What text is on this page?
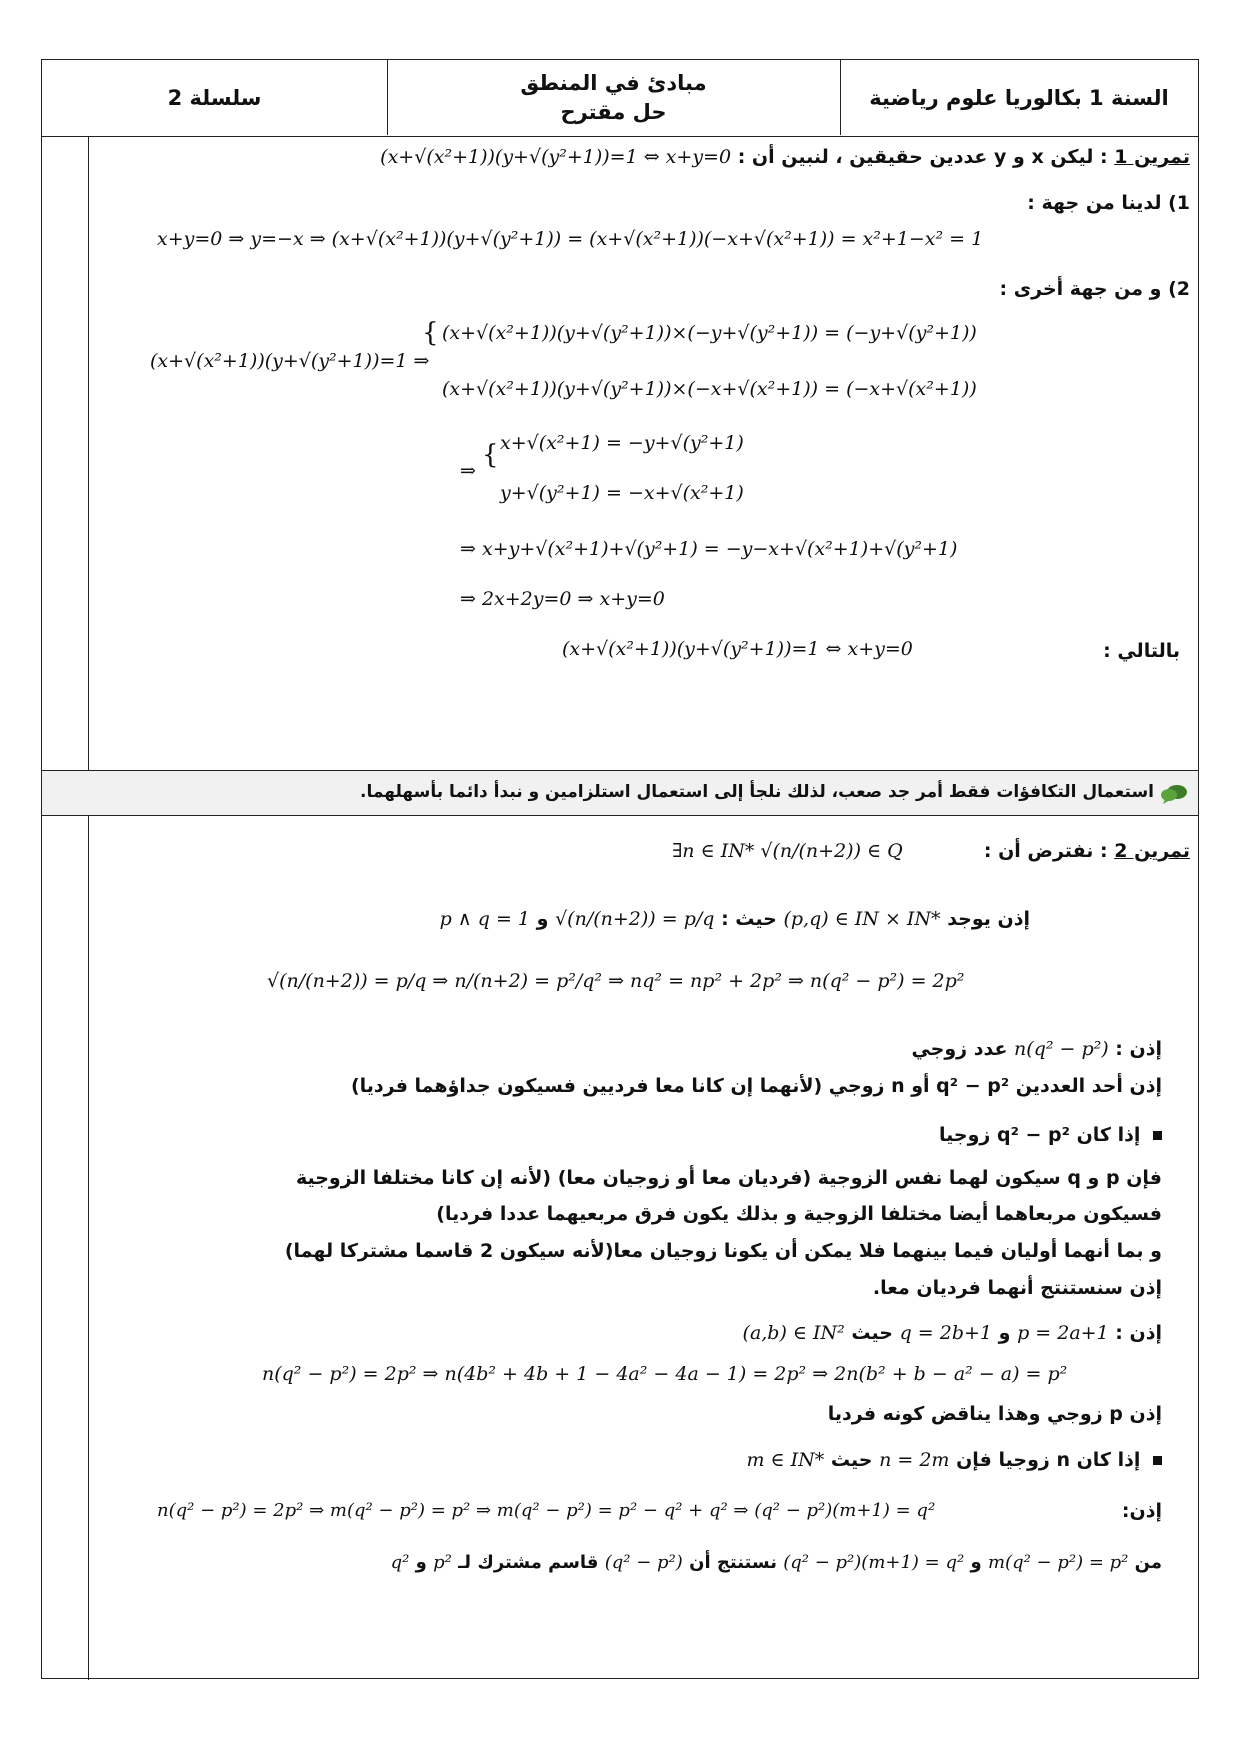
سلسلة 2
مبادئ في المنطق
حل مقترح
السنة 1 بكالوريا علوم رياضية
تمرين 1 : ليكن x و y عددين حقيقين ، لنبين أن : (x+√(x²+1))(y+√(y²+1))=1 ⇔ x+y=0
1) لدينا من جهة :
x+y=0 ⇒ y=−x ⇒ (x+√(x²+1))(y+√(y²+1)) = (x+√(x²+1))(−x+√(x²+1)) = x²+1−x² = 1
2) و من جهة أخرى :
(x+√(x²+1))(y+√(y²+1))=1 ⇒
{ (x+√(x²+1))(y+√(y²+1))×(−y+√(y²+1)) = (−y+√(y²+1))
(x+√(x²+1))(y+√(y²+1))×(−x+√(x²+1)) = (−x+√(x²+1))
⇒
{ x+√(x²+1) = −y+√(y²+1)
y+√(y²+1) = −x+√(x²+1)
⇒ x+y+√(x²+1)+√(y²+1) = −y−x+√(x²+1)+√(y²+1)
⇒ 2x+2y=0 ⇒ x+y=0
بالتالي :
(x+√(x²+1))(y+√(y²+1))=1 ⇔ x+y=0
استعمال التكافؤات فقط أمر جد صعب، لذلك نلجأ إلى استعمال استلزامين و نبدأ دائما بأسهلهما.
تمرين 2 : نفترض أن :
∃n ∈ IN* √(n/(n+2)) ∈ Q
إذن يوجد (p,q) ∈ IN × IN* حيث : √(n/(n+2)) = p/q و p ∧ q = 1
√(n/(n+2)) = p/q ⇒ n/(n+2) = p²/q² ⇒ nq² = np² + 2p² ⇒ n(q² − p²) = 2p²
إذن : n(q² − p²) عدد زوجي
إذن أحد العددين q² − p² أو n زوجي (لأنهما إن كانا معا فرديين فسيكون جداؤهما فرديا)
إذا كان q² − p² زوجيا
فإن p و q سيكون لهما نفس الزوجية (فرديان معا أو زوجيان معا) (لأنه إن كانا مختلفا الزوجية
فسيكون مربعاهما أيضا مختلفا الزوجية و بذلك يكون فرق مربعيهما عددا فرديا)
و بما أنهما أوليان فيما بينهما فلا يمكن أن يكونا زوجيان معا(لأنه سيكون 2 قاسما مشتركا لهما)
إذن سنستنتج أنهما فرديان معا.
إذن : p = 2a+1 و q = 2b+1 حيث (a,b) ∈ IN²
n(q² − p²) = 2p² ⇒ n(4b² + 4b + 1 − 4a² − 4a − 1) = 2p² ⇒ 2n(b² + b − a² − a) = p²
إذن p زوجي وهذا يناقض كونه فرديا
إذا كان n زوجيا فإن n = 2m حيث m ∈ IN*
إذن:
n(q² − p²) = 2p² ⇒ m(q² − p²) = p² ⇒ m(q² − p²) = p² − q² + q² ⇒ (q² − p²)(m+1) = q²
من m(q² − p²) = p² و (q² − p²)(m+1) = q² نستنتج أن (q² − p²) قاسم مشترك لـ p² و q²
